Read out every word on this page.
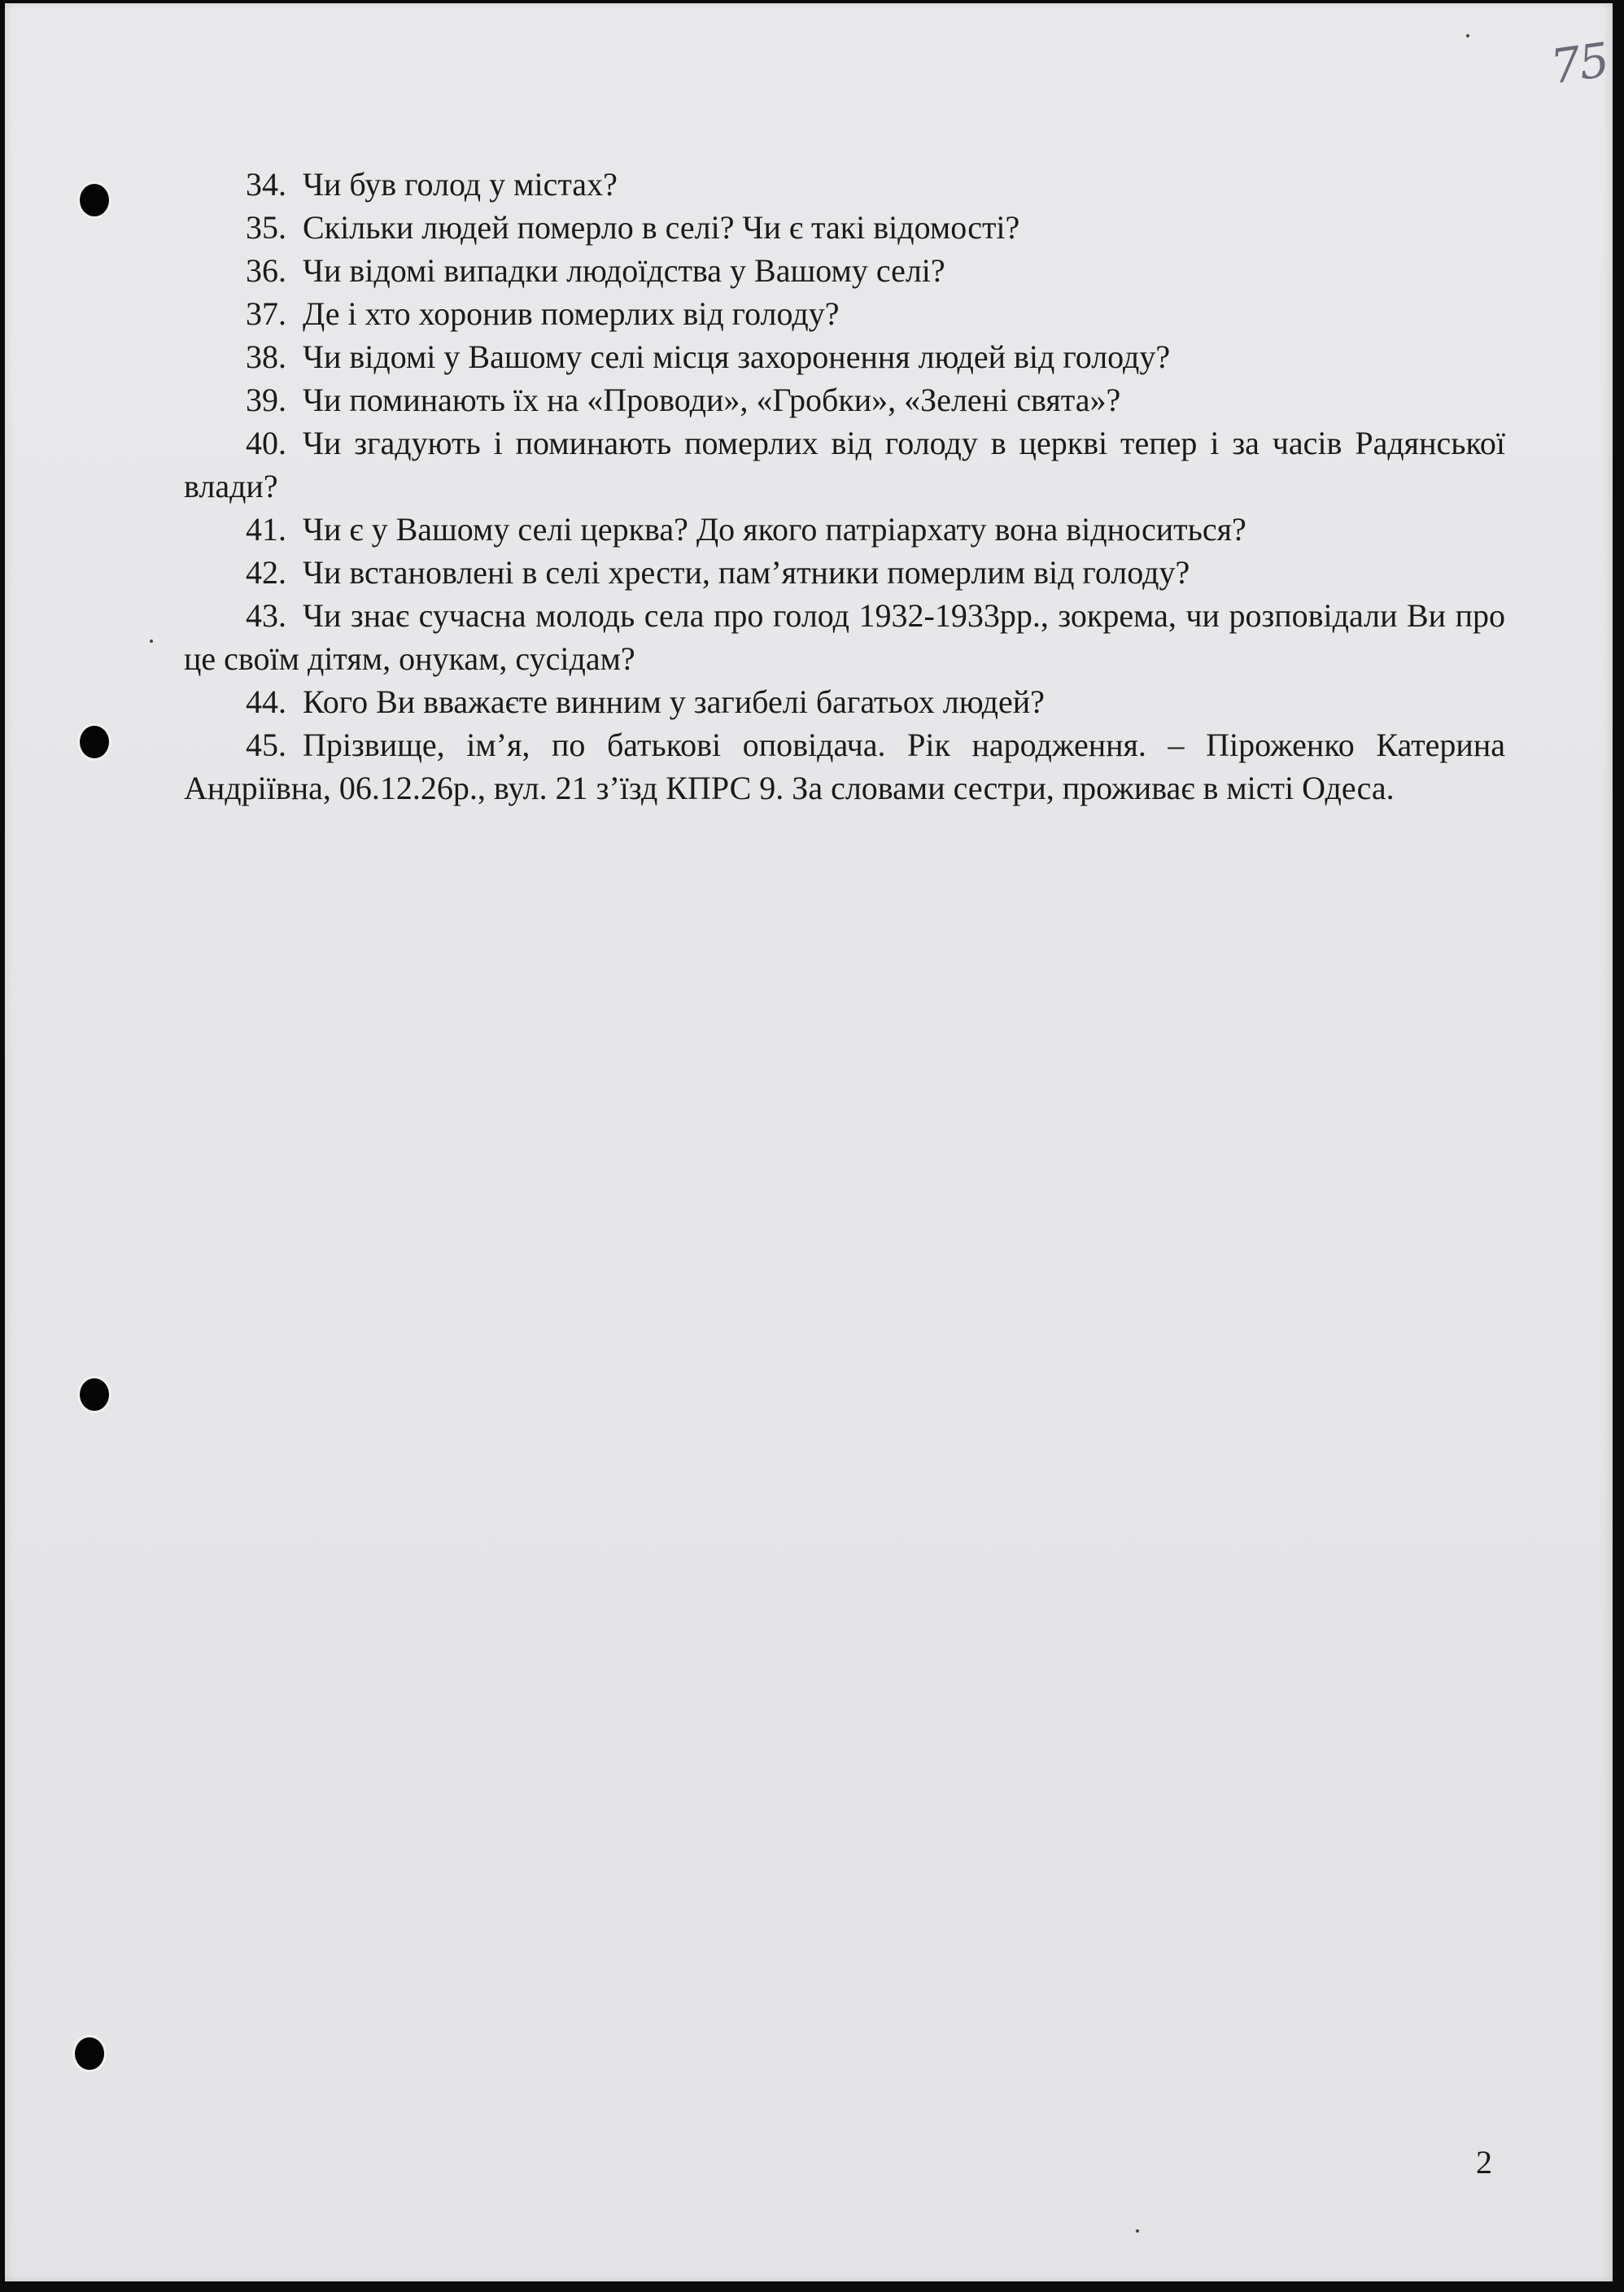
75

34. Чи був голод у містах?

35. Скільки людей померло в селі? Чи є такі відомості?

36. Чи відомі випадки людоїдства у Вашому селі?

37. Де і хто хоронив померлих від голоду?

38. Чи відомі у Вашому селі місця захоронення людей від голоду?

39. Чи поминають їх на «Проводи», «Гробки», «Зелені свята»?

40. Чи згадують і поминають померлих від голоду в церкві тепер і за часів Радянської влади?

41. Чи є у Вашому селі церква? До якого патріархату вона відноситься?

42. Чи встановлені в селі хрести, пам’ятники померлим від голоду?

43. Чи знає сучасна молодь села про голод 1932-1933рр., зокрема, чи розповідали Ви про це своїм дітям, онукам, сусідам?

44. Кого Ви вважаєте винним у загибелі багатьох людей?

45. Прізвище, ім’я, по батькові оповідача. Рік народження. – Піроженко Катерина Андріївна, 06.12.26р., вул. 21 з’їзд КПРС 9. За словами сестри, проживає в місті Одеса.

2
